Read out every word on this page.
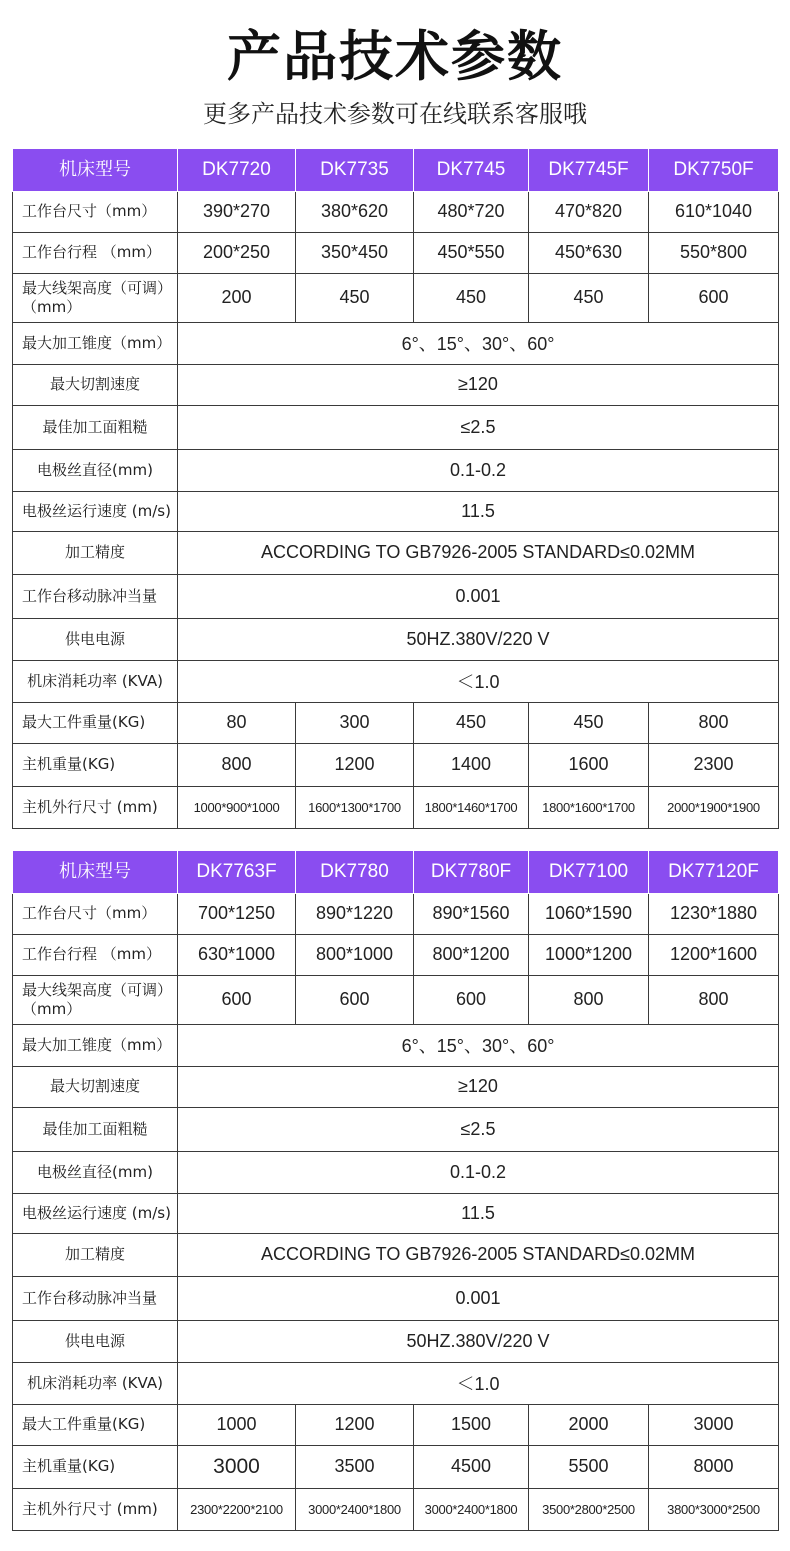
产品技术参数
更多产品技术参数可在线联系客服哦
机床型号	DK7720	DK7735	DK7745	DK7745F	DK7750F
工作台尺寸（mm）	390*270	380*620	480*720	470*820	610*1040
工作台行程 （mm）	200*250	350*450	450*550	450*630	550*800
最大线架高度（可调）（mm）	200	450	450	450	600
最大加工锥度（mm）	6°、15°、30°、60°				
最大切割速度	≥120				
最佳加工面粗糙	≤2.5				
电极丝直径(mm)	0.1-0.2				
电极丝运行速度 (m/s)	11.5				
加工精度	ACCORDING TO GB7926-2005 STANDARD≤0.02MM				
工作台移动脉冲当量	0.001				
供电电源	50HZ.380V/220 V				
机床消耗功率 (KVA)	＜1.0				
最大工件重量(KG)	80	300	450	450	800
主机重量(KG)	800	1200	1400	1600	2300
主机外行尺寸 (mm)	1000*900*1000	1600*1300*1700	1800*1460*1700	1800*1600*1700	2000*1900*1900
机床型号	DK7763F	DK7780	DK7780F	DK77100	DK77120F
工作台尺寸（mm）	700*1250	890*1220	890*1560	1060*1590	1230*1880
工作台行程 （mm）	630*1000	800*1000	800*1200	1000*1200	1200*1600
最大线架高度（可调）（mm）	600	600	600	800	800
最大加工锥度（mm）	6°、15°、30°、60°				
最大切割速度	≥120				
最佳加工面粗糙	≤2.5				
电极丝直径(mm)	0.1-0.2				
电极丝运行速度 (m/s)	11.5				
加工精度	ACCORDING TO GB7926-2005 STANDARD≤0.02MM				
工作台移动脉冲当量	0.001				
供电电源	50HZ.380V/220 V				
机床消耗功率 (KVA)	＜1.0				
最大工件重量(KG)	1000	1200	1500	2000	3000
主机重量(KG)	3000	3500	4500	5500	8000
主机外行尺寸 (mm)	2300*2200*2100	3000*2400*1800	3000*2400*1800	3500*2800*2500	3800*3000*2500
